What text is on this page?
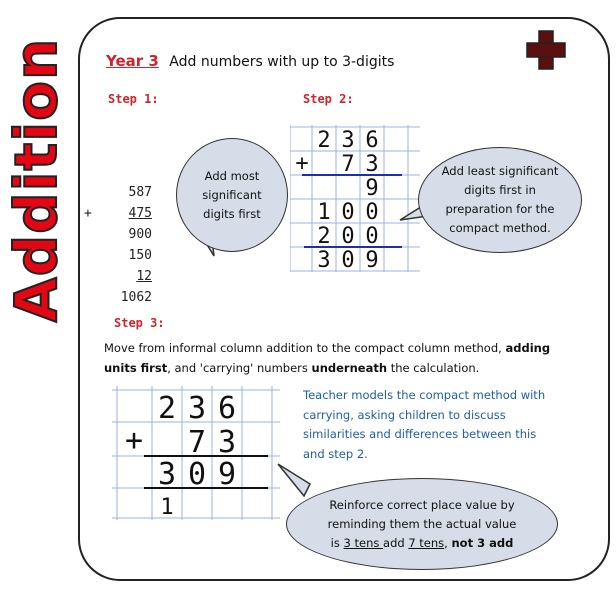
Addition Year 3 Add numbers with up to 3-digits
Step 1:	Step 2:
Step 3:
587
475
900
150
12
1062
+
Add most
significant
digits first
2 3 6
+ 7 3
9
1 0 0
2 0 0
3 0 9
Add least significant
digits first in
preparation for the
compact method.
Move from informal column addition to the compact column method, adding units first, and 'carrying' numbers underneath the calculation.
2 3 6
+ 7 3
3 0 9
1
Teacher models the compact method with carrying, asking children to discuss similarities and differences between this and step 2.
Reinforce correct place value by
reminding them the actual value
is 3 tens add 7 tens, not 3 add
